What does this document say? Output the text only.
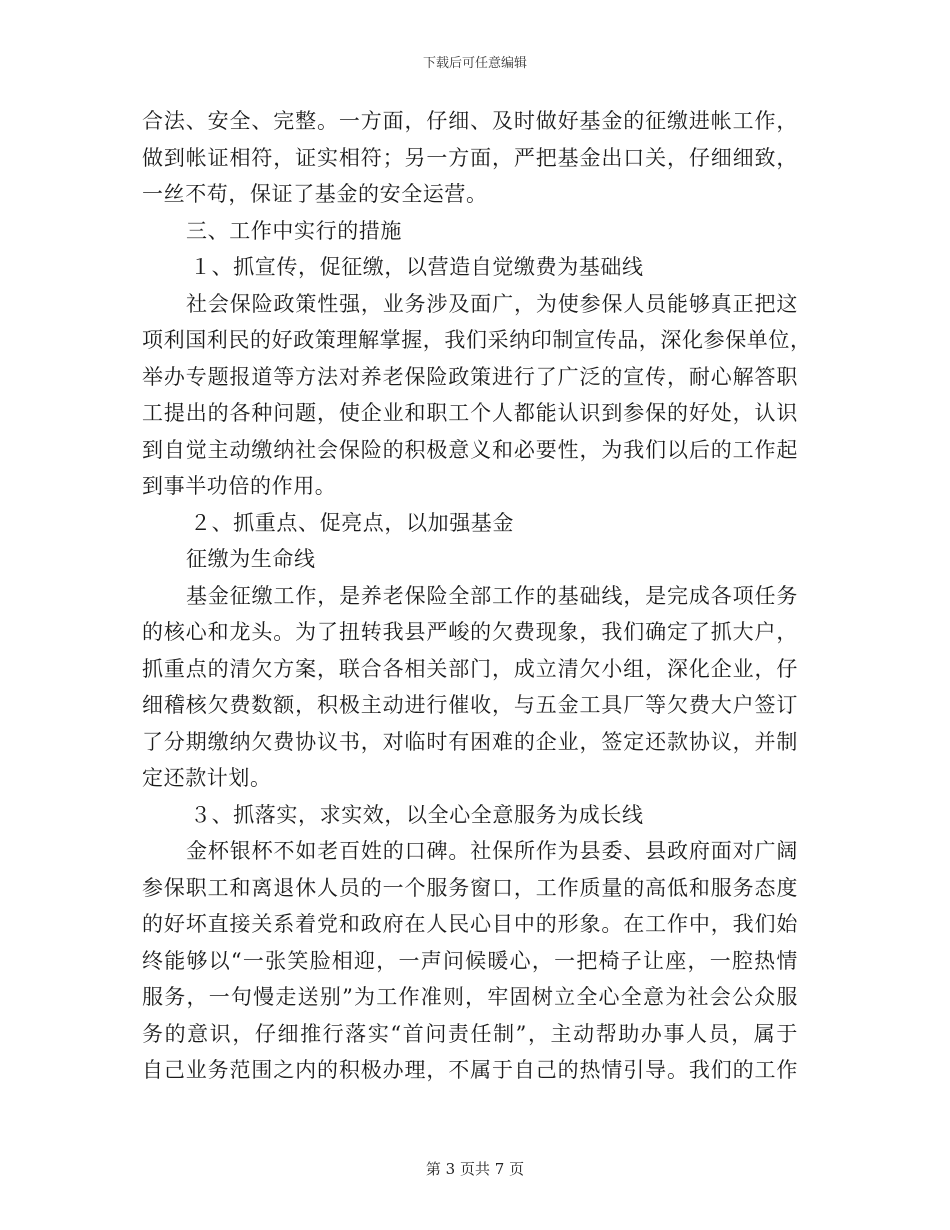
下载后可任意编辑
合法、安全、完整。一方面，仔细、及时做好基金的征缴进帐工作，
做到帐证相符，证实相符；另一方面，严把基金出口关，仔细细致，
一丝不苟，保证了基金的安全运营。
三、工作中实行的措施
１、抓宣传，促征缴，以营造自觉缴费为基础线
社会保险政策性强，业务涉及面广，为使参保人员能够真正把这
项利国利民的好政策理解掌握，我们采纳印制宣传品，深化参保单位，
举办专题报道等方法对养老保险政策进行了广泛的宣传，耐心解答职
工提出的各种问题，使企业和职工个人都能认识到参保的好处，认识
到自觉主动缴纳社会保险的积极意义和必要性，为我们以后的工作起
到事半功倍的作用。
２、抓重点、促亮点，以加强基金
征缴为生命线
基金征缴工作，是养老保险全部工作的基础线，是完成各项任务
的核心和龙头。为了扭转我县严峻的欠费现象，我们确定了抓大户，
抓重点的清欠方案，联合各相关部门，成立清欠小组，深化企业，仔
细稽核欠费数额，积极主动进行催收，与五金工具厂等欠费大户签订
了分期缴纳欠费协议书，对临时有困难的企业，签定还款协议，并制
定还款计划。
３、抓落实，求实效，以全心全意服务为成长线
金杯银杯不如老百姓的口碑。社保所作为县委、县政府面对广阔
参保职工和离退休人员的一个服务窗口，工作质量的高低和服务态度
的好坏直接关系着党和政府在人民心目中的形象。在工作中，我们始
终能够以“一张笑脸相迎，一声问候暖心，一把椅子让座，一腔热情
服务，一句慢走送别”为工作准则，牢固树立全心全意为社会公众服
务的意识，仔细推行落实“首问责任制”，主动帮助办事人员，属于
自己业务范围之内的积极办理，不属于自己的热情引导。我们的工作
第 3 页共 7 页
